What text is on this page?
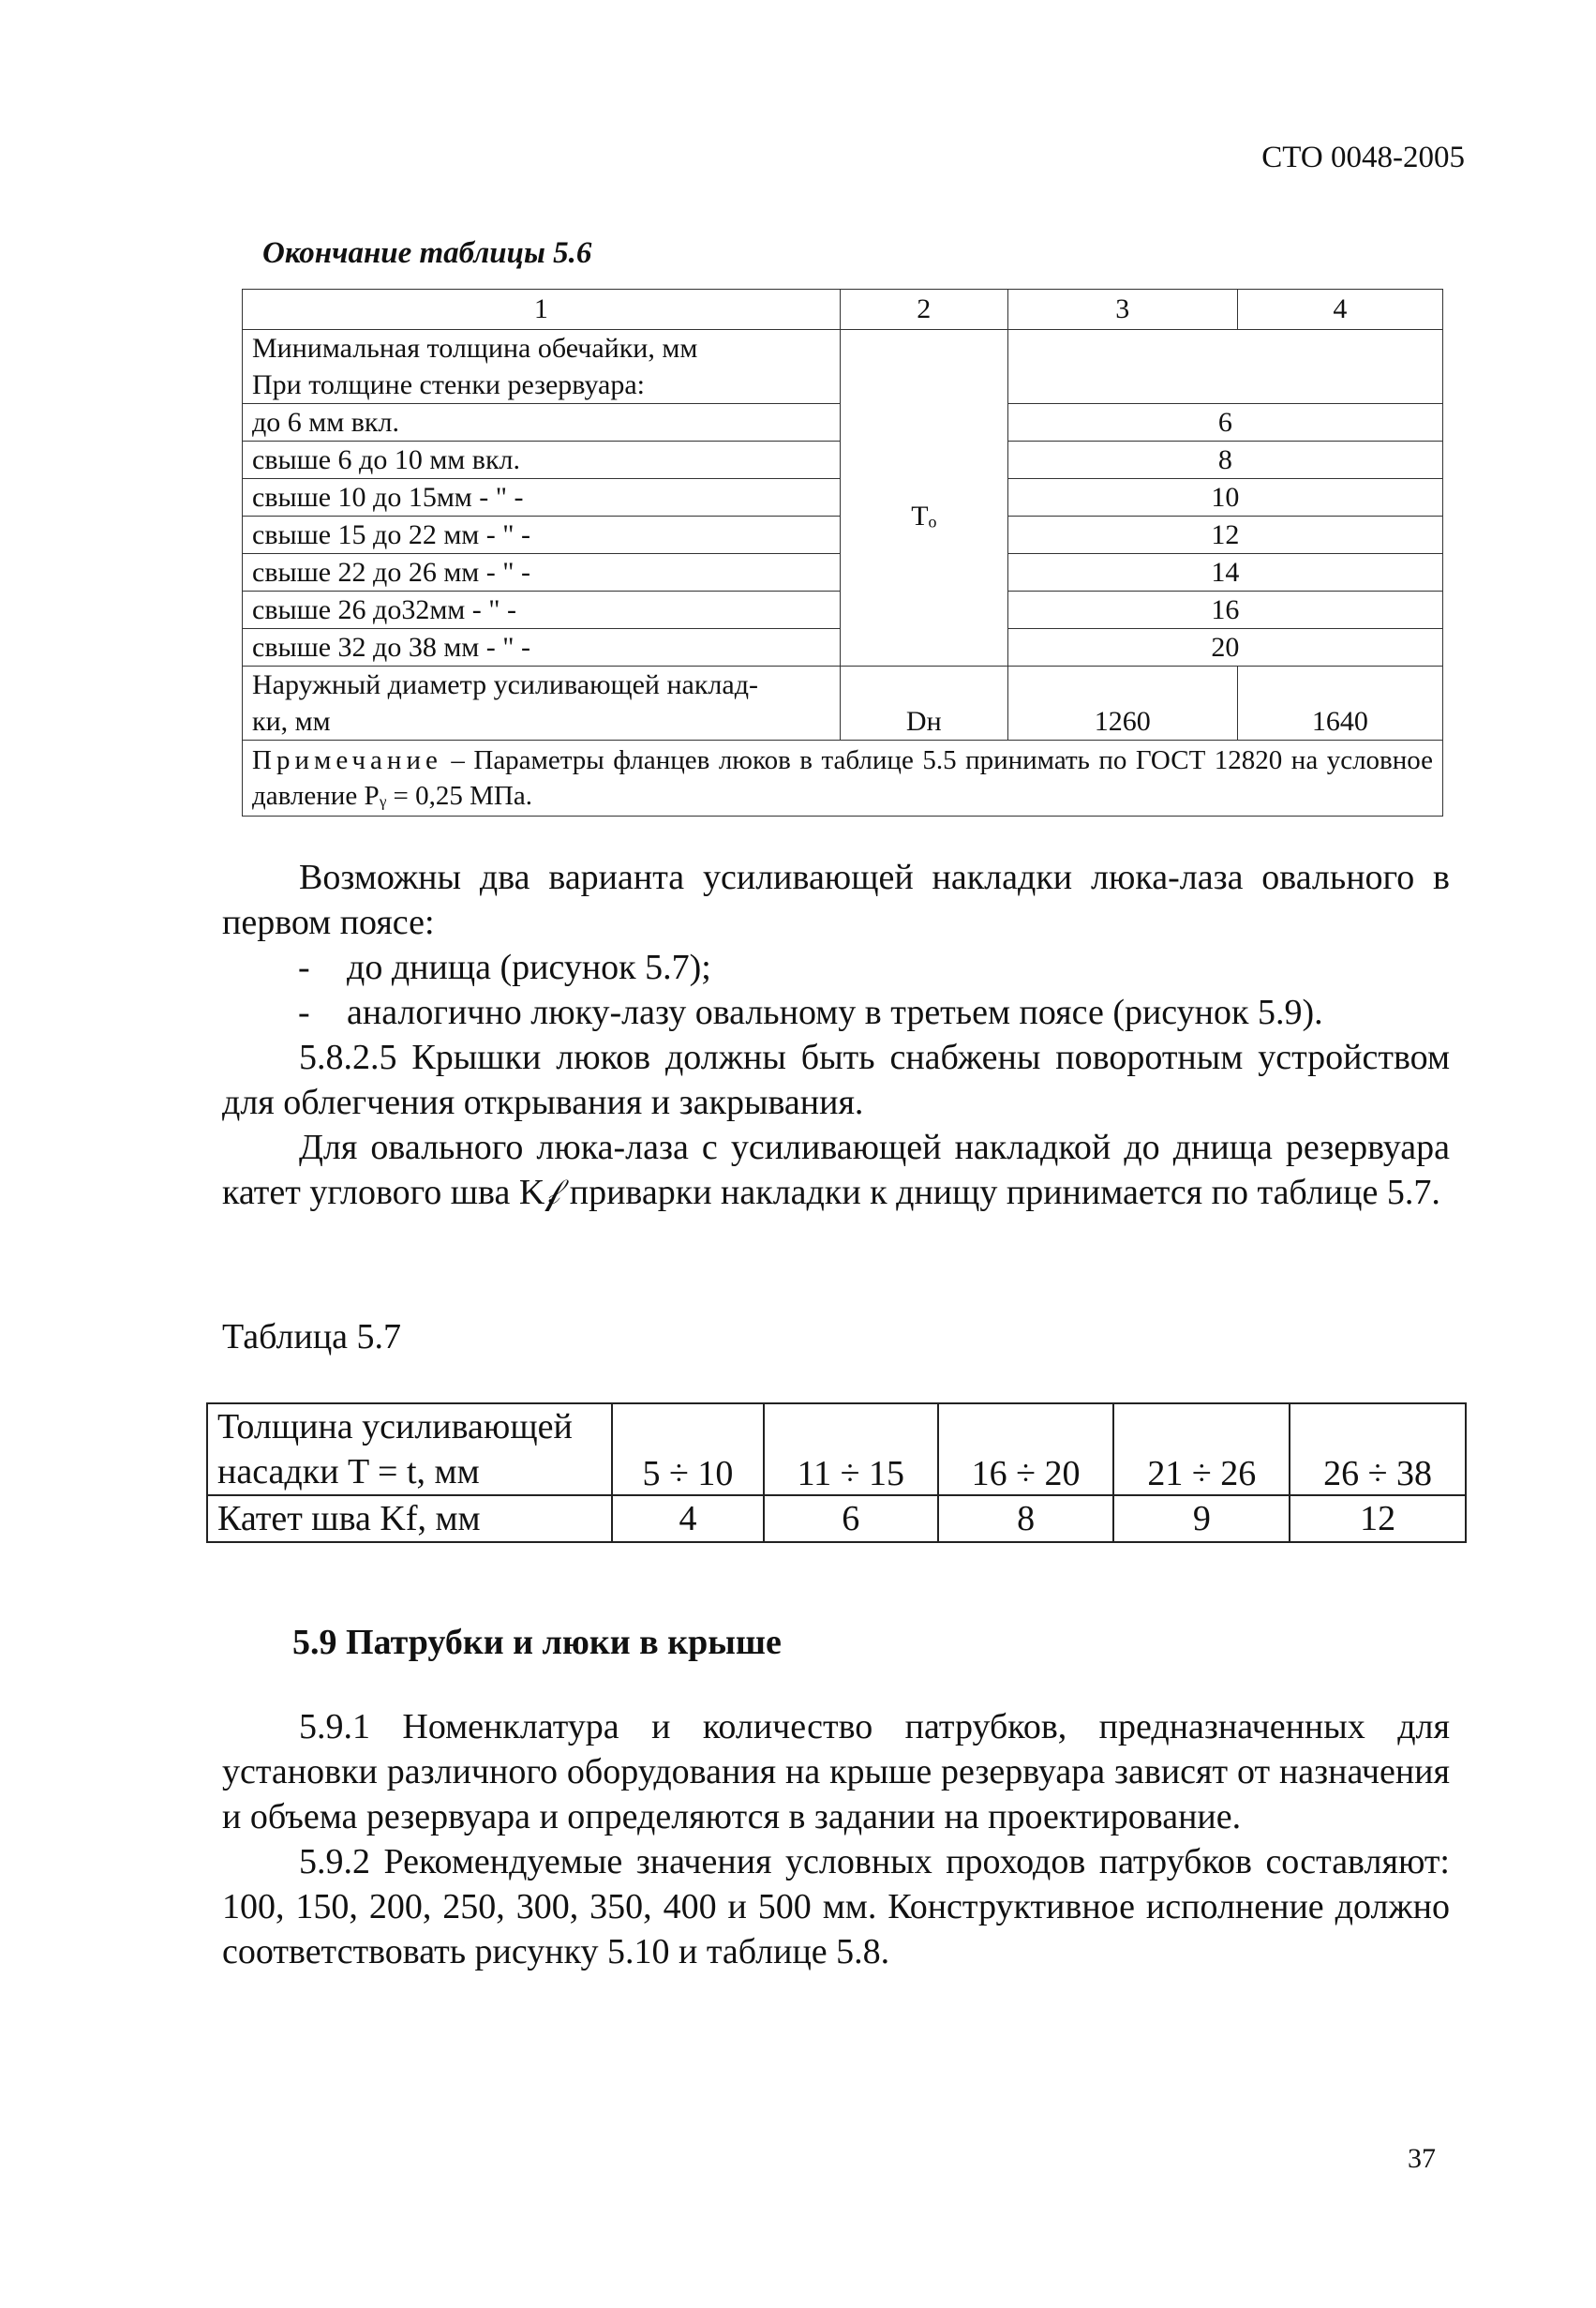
СТО 0048-2005
Окончание таблицы 5.6
1	2	3	4
Минимальная толщина обечайки, мм			
При толщине стенки резервуара:			
до 6 мм вкл.		6	
свыше 6 до 10 мм вкл.		8	
свыше 10 до 15мм - " -	Tₒ	10	
свыше 15 до 22 мм - " -		12	
свыше 22 до 26 мм - " -		14	
свыше 26 до32мм - " -		16	
свыше 32 до 38 мм - " -		20	
Наружный диаметр усиливающей наклад-			
ки, мм	Dн	1260	1640
Примечание – Параметры фланцев люков в таблице 5.5 принимать по ГОСТ 12820 на условное давление Pᵧ = 0,25 МПа.			
Возможны два варианта усиливающей накладки люка-лаза овального в первом поясе:
- до днища (рисунок 5.7);
- аналогично люку-лазу овальному в третьем поясе (рисунок 5.9).
5.8.2.5 Крышки люков должны быть снабжены поворотным устройством для облегчения открывания и закрывания.
Для овального люка-лаза с усиливающей накладкой до днища резервуара катет углового шва K𝒻 приварки накладки к днищу принимается по таблице 5.7.
Таблица 5.7
Толщина усиливающей
насадки T = t, мм	5 ÷ 10	11 ÷ 15	16 ÷ 20	21 ÷ 26	26 ÷ 38
Катет шва Kf, мм	4	6	8	9	12
5.9 Патрубки и люки в крыше
5.9.1 Номенклатура и количество патрубков, предназначенных для установки различного оборудования на крыше резервуара зависят от назначения и объема резервуара и определяются в задании на проектирование.
5.9.2 Рекомендуемые значения условных проходов патрубков составляют: 100, 150, 200, 250, 300, 350, 400 и 500 мм. Конструктивное исполнение должно соответствовать рисунку 5.10 и таблице 5.8.
37
